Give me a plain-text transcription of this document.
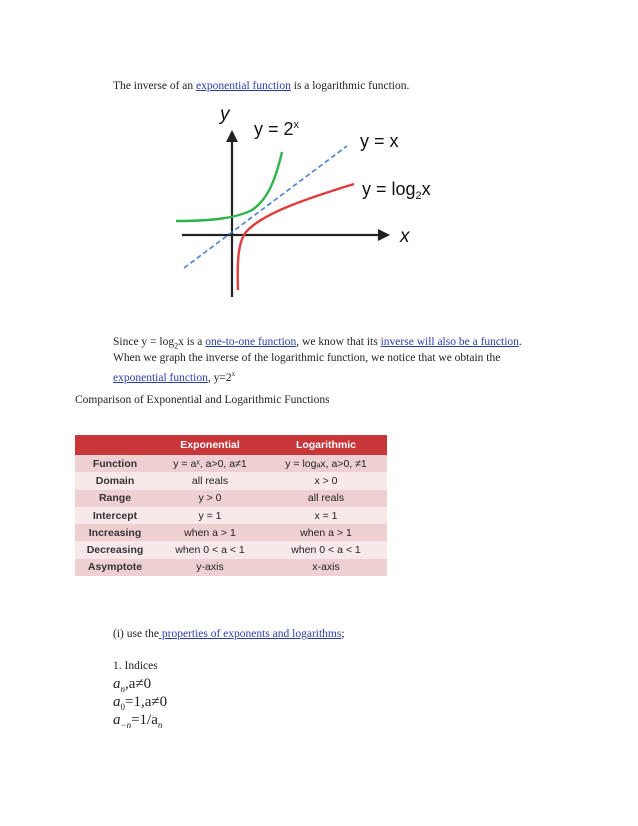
The inverse of an exponential function is a logarithmic function.
y
x
$y = 2^x$
y = x
$y = \log_2x$
Since $y = \log_2x$ is a one-to-one function, we know that its inverse will also be a function.
When we graph the inverse of the logarithmic function, we notice that we obtain the
exponential function, $y=2^x$
Comparison of Exponential and Logarithmic Functions
	Exponential	Logarithmic
Function	y = aˣ, a>0, a≠1	y = logₐx, a>0, ≠1
Domain	all reals	x > 0
Range	y > 0	all reals
Intercept	y = 1	x = 1
Increasing	when a > 1	when a > 1
Decreasing	when 0 < a < 1	when 0 < a < 1
Asymptote	y-axis	x-axis
(i) use the properties of exponents and logarithms;
1. Indices
$a_n,a\ne 0$
$a_0=1,a\ne 0$
$a_{-n}=1/a_n$
